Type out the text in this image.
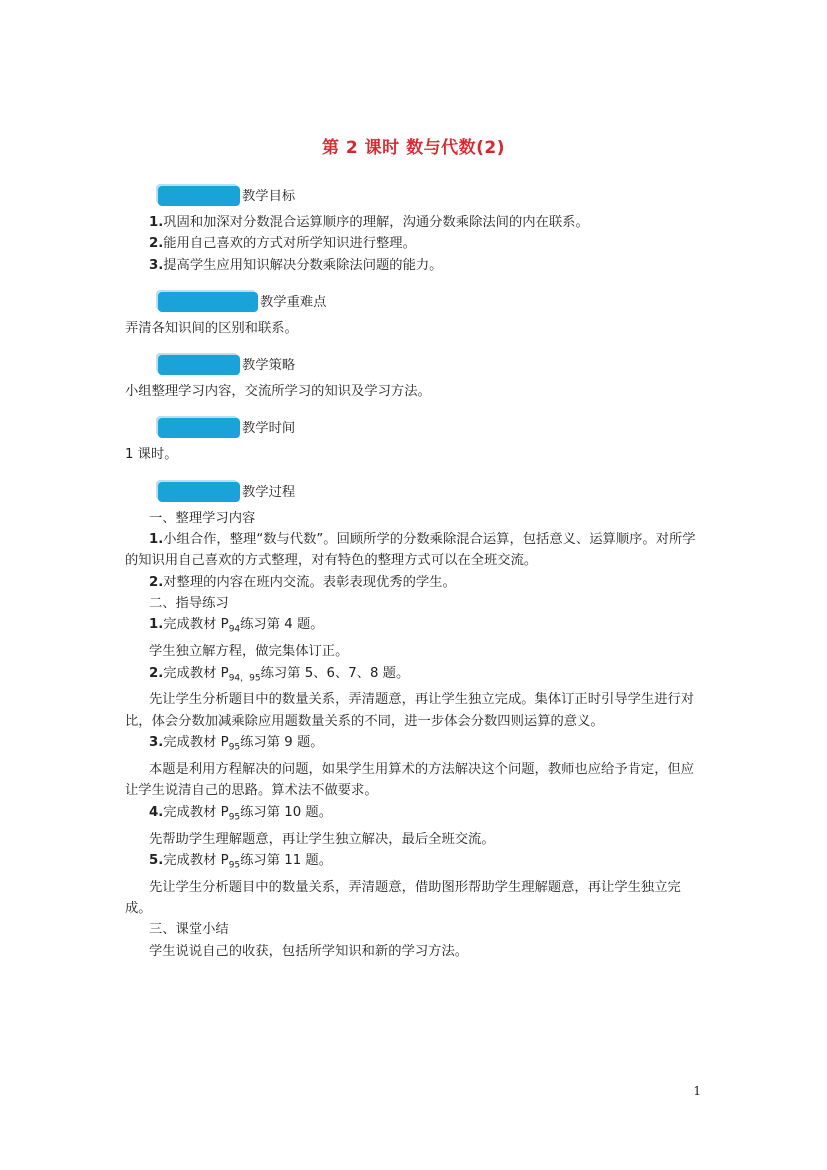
第 2 课时 数与代数(2)
教学目标

1.巩固和加深对分数混合运算顺序的理解，沟通分数乘除法间的内在联系。

2.能用自己喜欢的方式对所学知识进行整理。

3.提高学生应用知识解决分数乘除法问题的能力。

教学重难点

弄清各知识间的区别和联系。

教学策略

小组整理学习内容，交流所学习的知识及学习方法。

教学时间

1 课时。

教学过程

一、整理学习内容

1.小组合作，整理“数与代数”。回顾所学的分数乘除混合运算，包括意义、运算顺序。对所学的知识用自己喜欢的方式整理，对有特色的整理方式可以在全班交流。

2.对整理的内容在班内交流。表彰表现优秀的学生。

二、指导练习

1.完成教材 $P_{94}$练习第 4 题。

学生独立解方程，做完集体订正。

2.完成教材 $P_{94,95}$练习第 5、6、7、8 题。

先让学生分析题目中的数量关系，弄清题意，再让学生独立完成。集体订正时引导学生进行对比，体会分数加减乘除应用题数量关系的不同，进一步体会分数四则运算的意义。

3.完成教材 $P_{95}$练习第 9 题。

本题是利用方程解决的问题，如果学生用算术的方法解决这个问题，教师也应给予肯定，但应让学生说清自己的思路。算术法不做要求。

4.完成教材 $P_{95}$练习第 10 题。

先帮助学生理解题意，再让学生独立解决，最后全班交流。

5.完成教材 $P_{95}$练习第 11 题。

先让学生分析题目中的数量关系，弄清题意，借助图形帮助学生理解题意，再让学生独立完成。

三、课堂小结

学生说说自己的收获，包括所学知识和新的学习方法。

1
